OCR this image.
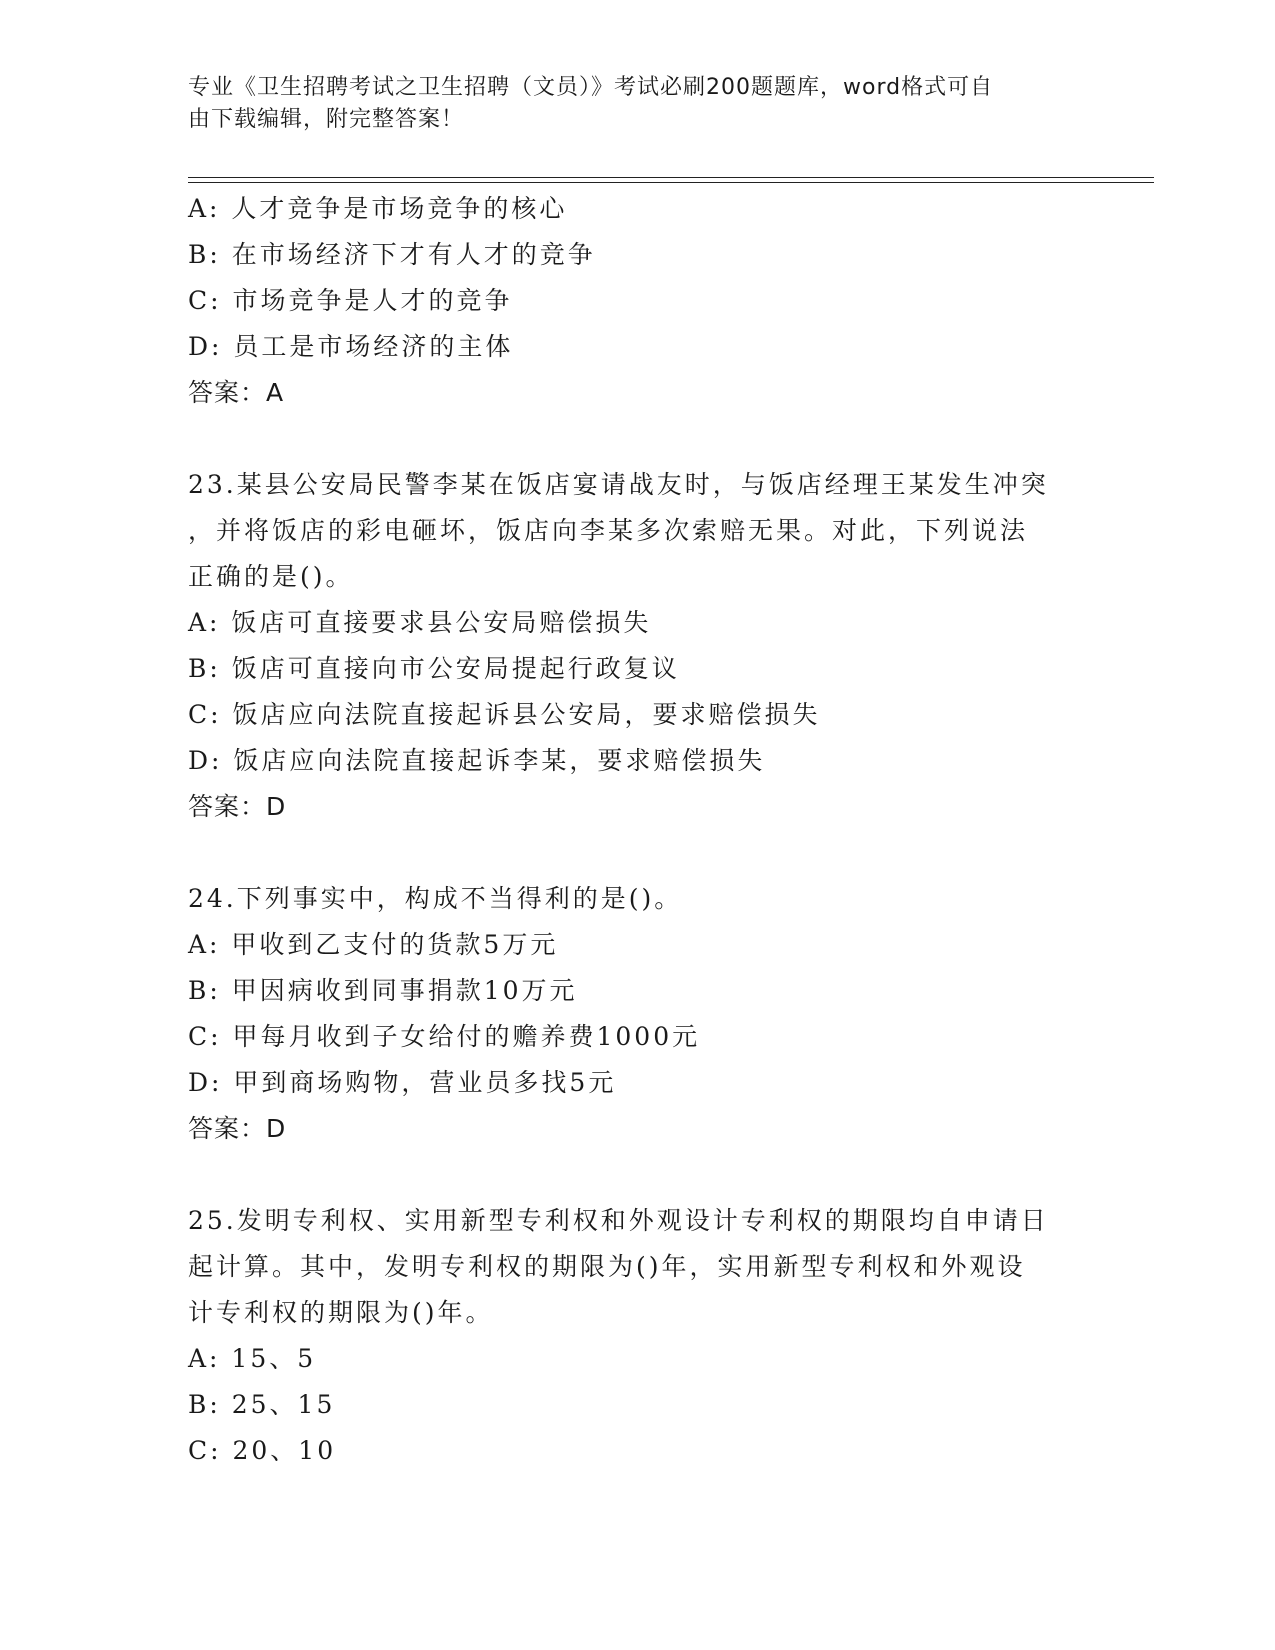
专业《卫生招聘考试之卫生招聘（文员）》考试必刷200题题库，word格式可自
由下载编辑，附完整答案！
A: 人才竞争是市场竞争的核心
B: 在市场经济下才有人才的竞争
C: 市场竞争是人才的竞争
D: 员工是市场经济的主体
答案：A
23.某县公安局民警李某在饭店宴请战友时，与饭店经理王某发生冲突
，并将饭店的彩电砸坏，饭店向李某多次索赔无果。对此，下列说法
正确的是()。
A: 饭店可直接要求县公安局赔偿损失
B: 饭店可直接向市公安局提起行政复议
C: 饭店应向法院直接起诉县公安局，要求赔偿损失
D: 饭店应向法院直接起诉李某，要求赔偿损失
答案：D
24.下列事实中，构成不当得利的是()。
A: 甲收到乙支付的货款5万元
B: 甲因病收到同事捐款10万元
C: 甲每月收到子女给付的赡养费1000元
D: 甲到商场购物，营业员多找5元
答案：D
25.发明专利权、实用新型专利权和外观设计专利权的期限均自申请日
起计算。其中，发明专利权的期限为()年，实用新型专利权和外观设
计专利权的期限为()年。
A: 15、5
B: 25、15
C: 20、10
